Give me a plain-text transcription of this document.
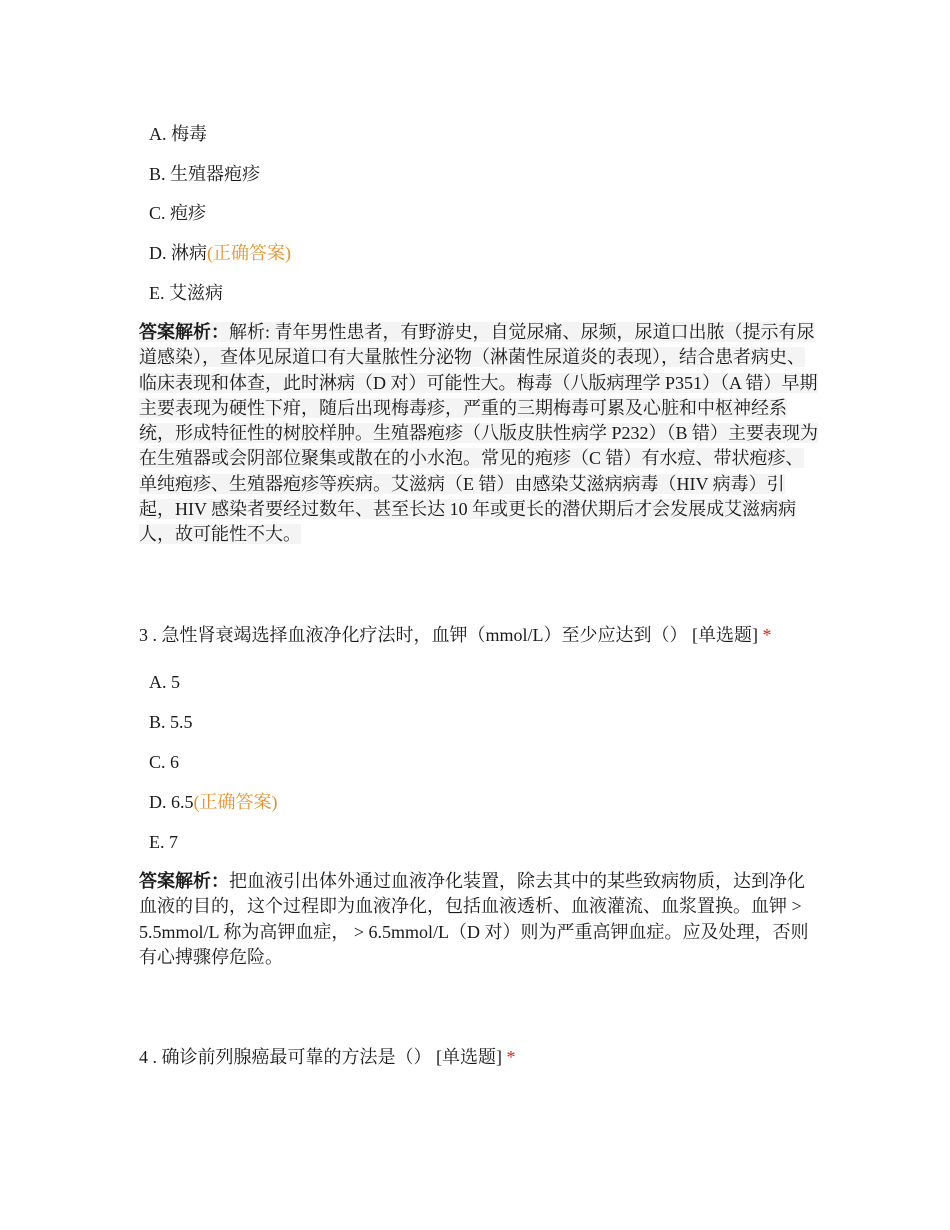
A. 梅毒
B. 生殖器疱疹
C. 疱疹
D. 淋病(正确答案)
E. 艾滋病
答案解析：解析: 青年男性患者，有野游史，自觉尿痛、尿频，尿道口出脓（提示有尿道感染），查体见尿道口有大量脓性分泌物（淋菌性尿道炎的表现），结合患者病史、临床表现和体查，此时淋病（D 对）可能性大。梅毒（八版病理学 P351）（A 错）早期主要表现为硬性下疳，随后出现梅毒疹，严重的三期梅毒可累及心脏和中枢神经系统，形成特征性的树胶样肿。生殖器疱疹（八版皮肤性病学 P232）（B 错）主要表现为在生殖器或会阴部位聚集或散在的小水泡。常见的疱疹（C 错）有水痘、带状疱疹、单纯疱疹、生殖器疱疹等疾病。艾滋病（E 错）由感染艾滋病病毒（HIV 病毒）引起，HIV 感染者要经过数年、甚至长达 10 年或更长的潜伏期后才会发展成艾滋病病人，故可能性不大。
3 . 急性肾衰竭选择血液净化疗法时，血钾（mmol/L）至少应达到（） [单选题] *
A. 5
B. 5.5
C. 6
D. 6.5(正确答案)
E. 7
答案解析：把血液引出体外通过血液净化装置，除去其中的某些致病物质，达到净化血液的目的，这个过程即为血液净化，包括血液透析、血液灌流、血浆置换。血钾 > 5.5mmol/L 称为高钾血症， > 6.5mmol/L（D 对）则为严重高钾血症。应及处理，否则有心搏骤停危险。
4 . 确诊前列腺癌最可靠的方法是（） [单选题] *
